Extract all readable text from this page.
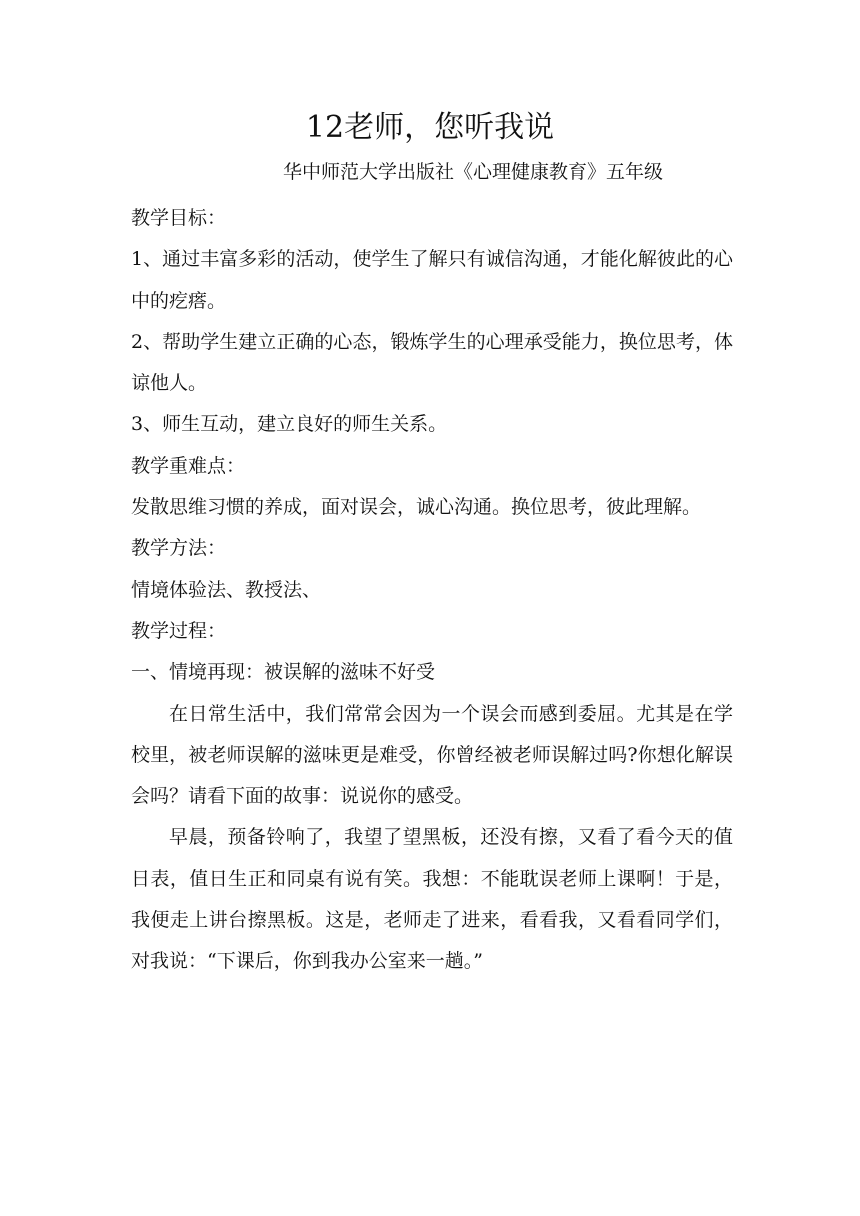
12老师，您听我说
华中师范大学出版社《心理健康教育》五年级

教学目标：

1、通过丰富多彩的活动，使学生了解只有诚信沟通，才能化解彼此的心中的疙瘩。

2、帮助学生建立正确的心态，锻炼学生的心理承受能力，换位思考，体谅他人。

3、师生互动，建立良好的师生关系。

教学重难点：

发散思维习惯的养成，面对误会，诚心沟通。换位思考，彼此理解。

教学方法：

情境体验法、教授法、

教学过程：

一、情境再现：被误解的滋味不好受

在日常生活中，我们常常会因为一个误会而感到委屈。尤其是在学校里，被老师误解的滋味更是难受，你曾经被老师误解过吗?你想化解误会吗？请看下面的故事：说说你的感受。

早晨，预备铃响了，我望了望黑板，还没有擦，又看了看今天的值日表，值日生正和同桌有说有笑。我想：不能耽误老师上课啊！于是，我便走上讲台擦黑板。这是，老师走了进来，看看我，又看看同学们，对我说：“下课后，你到我办公室来一趟。”
